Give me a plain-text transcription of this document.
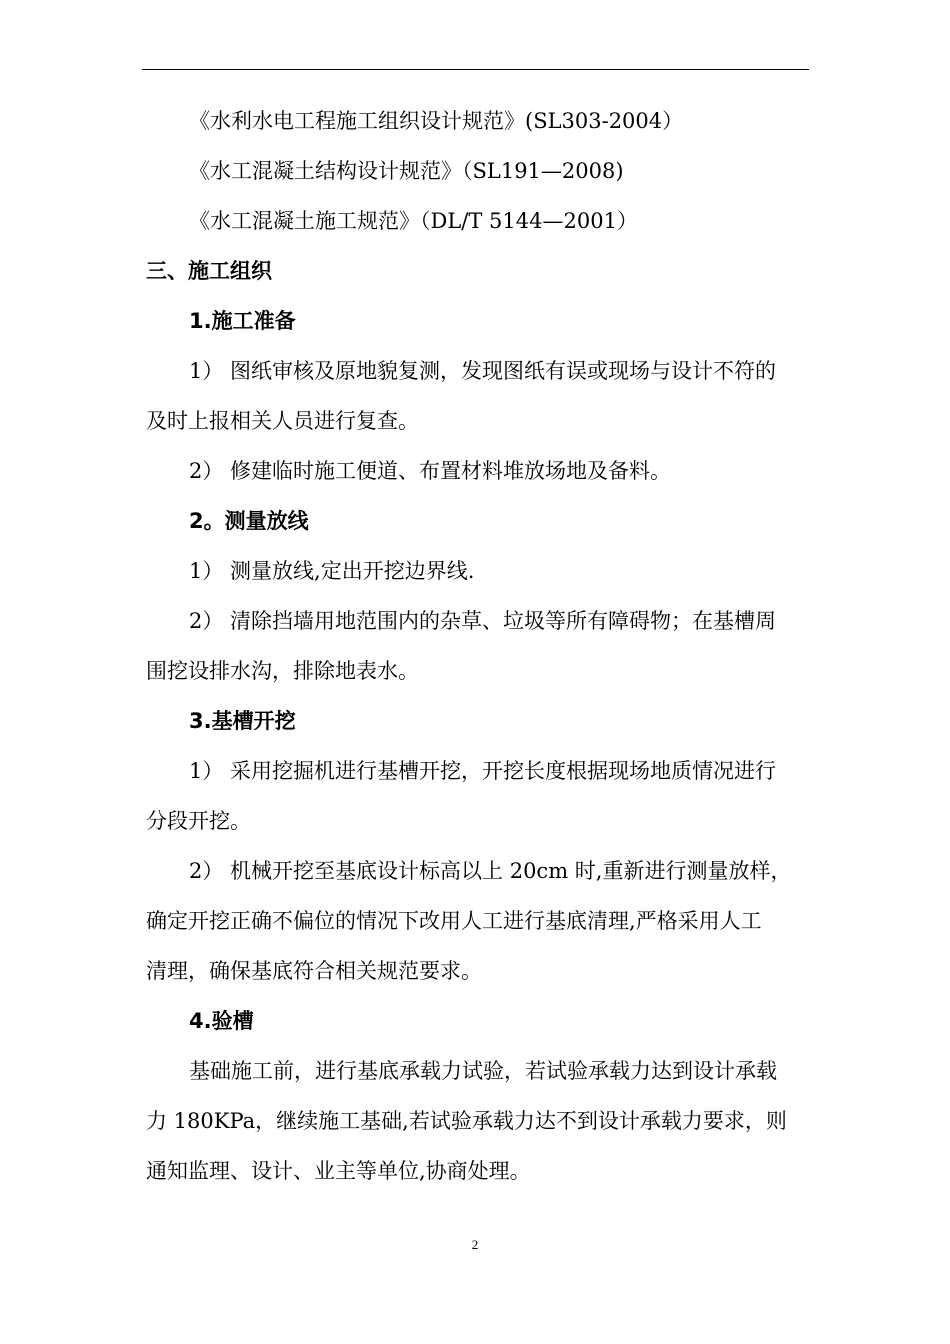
《水利水电工程施工组织设计规范》(SL303-2004）
《水工混凝土结构设计规范》（SL191—2008)
《水工混凝土施工规范》（DL/T 5144—2001）
三、施工组织
1.施工准备
1） 图纸审核及原地貌复测，发现图纸有误或现场与设计不符的
及时上报相关人员进行复查。
2） 修建临时施工便道、布置材料堆放场地及备料。
2。测量放线
1） 测量放线,定出开挖边界线.
2） 清除挡墙用地范围内的杂草、垃圾等所有障碍物；在基槽周
围挖设排水沟，排除地表水。
3.基槽开挖
1） 采用挖掘机进行基槽开挖，开挖长度根据现场地质情况进行
分段开挖。
2） 机械开挖至基底设计标高以上 20cm 时,重新进行测量放样，
确定开挖正确不偏位的情况下改用人工进行基底清理,严格采用人工
清理，确保基底符合相关规范要求。
4.验槽
基础施工前，进行基底承载力试验，若试验承载力达到设计承载
力 180KPa，继续施工基础,若试验承载力达不到设计承载力要求，则
通知监理、设计、业主等单位,协商处理。
2
